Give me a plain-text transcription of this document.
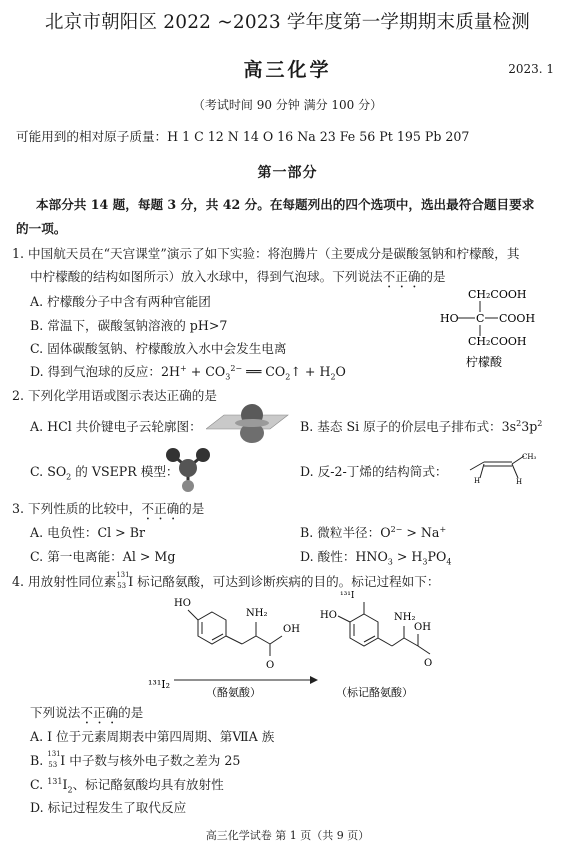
北京市朝阳区 2022 ~2023 学年度第一学期期末质量检测
高三化学	2023. 1
（考试时间 90 分钟 满分 100 分）
可能用到的相对原子质量：H 1 C 12 N 14 O 16 Na 23 Fe 56 Pt 195 Pb 207
第一部分
本部分共 14 题，每题 3 分，共 42 分。在每题列出的四个选项中，选出最符合题目要求
的一项。
1. 中国航天员在“天宫课堂”演示了如下实验：将泡腾片（主要成分是碳酸氢钠和柠檬酸，其
中柠檬酸的结构如图所示）放入水球中，得到气泡球。下列说法不正确的是
A. 柠檬酸分子中含有两种官能团
B. 常温下，碳酸氢钠溶液的 pH>7
C. 固体碳酸氢钠、柠檬酸放入水中会发生电离
D. 得到气泡球的反应：$2H^+ + CO_3^{2-}$ ══ $CO_2↑ + H_2O$
CH₂COOH
HO C COOH
CH₂COOH
柠檬酸
2. 下列化学用语或图示表达正确的是
A. HCl 共价键电子云轮廓图：	B. 基态 Si 原子的价层电子排布式：$3s^23p^2$
C. $SO_2$ 的 VSEPR 模型：	D. 反-2-丁烯的结构简式：
H	H
CH₃
3. 下列性质的比较中，不正确的是
A. 电负性：Cl > Br	B. 微粒半径：$O^{2-} > Na^+$
C. 第一电离能：Al > Mg	D. 酸性：$HNO_3 > H_3PO_4$
4. 用放射性同位素 131
53 I 标记酪氨酸，可达到诊断疾病的目的。标记过程如下：
HO
NH₂
OH
O
¹³¹I₂
（酪氨酸）
¹³¹I
HO	NH₂
OH
O
（标记酪氨酸）
下列说法不正确的是
A. I 位于元素周期表中第四周期、第ⅦA 族
B. 131
53 I 中子数与核外电子数之差为 25
C. $^{131}I_2$、标记酪氨酸均具有放射性
D. 标记过程发生了取代反应
高三化学试卷 第 1 页（共 9 页）
